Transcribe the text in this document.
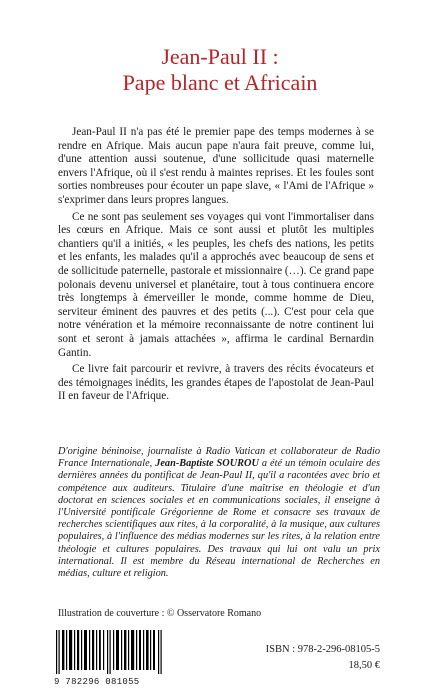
Jean-Paul II :
Pape blanc et Africain

Jean-Paul II n'a pas été le premier pape des temps modernes à se rendre en Afrique. Mais aucun pape n'aura fait preuve, comme lui, d'une attention aussi soutenue, d'une sollicitude quasi maternelle envers l'Afrique, où il s'est rendu à maintes reprises. Et les foules sont sorties nombreuses pour écouter un pape slave, « l'Ami de l'Afrique » s'exprimer dans leurs propres langues.

Ce ne sont pas seulement ses voyages qui vont l'immortaliser dans les cœurs en Afrique. Mais ce sont aussi et plutôt les multiples chantiers qu'il a initiés, « les peuples, les chefs des nations, les petits et les enfants, les malades qu'il a approchés avec beaucoup de sens et de sollicitude paternelle, pastorale et missionnaire (…). Ce grand pape polonais devenu universel et planétaire, tout à tous continuera encore très longtemps à émerveiller le monde, comme homme de Dieu, serviteur éminent des pauvres et des petits (...). C'est pour cela que notre vénération et la mémoire reconnaissante de notre continent lui sont et seront à jamais attachées », affirma le cardinal Bernardin Gantin.

Ce livre fait parcourir et revivre, à travers des récits évocateurs et des témoignages inédits, les grandes étapes de l'apostolat de Jean-Paul II en faveur de l'Afrique.

D'origine béninoise, journaliste à Radio Vatican et collaborateur de Radio France Internationale, Jean-Baptiste SOUROU a été un témoin oculaire des dernières années du pontificat de Jean-Paul II, qu'il a racontées avec brio et compétence aux auditeurs. Titulaire d'une maîtrise en théologie et d'un doctorat en sciences sociales et en communications sociales, il enseigne à l'Université pontificale Grégorienne de Rome et consacre ses travaux de recherches scientifiques aux rites, à la corporalité, à la musique, aux cultures populaires, à l'influence des médias modernes sur les rites, à la relation entre théologie et cultures populaires. Des travaux qui lui ont valu un prix international. Il est membre du Réseau international de Recherches en médias, culture et religion.

Illustration de couverture : © Osservatore Romano
9 782296 081055
ISBN : 978-2-296-08105-5
18,50 €
